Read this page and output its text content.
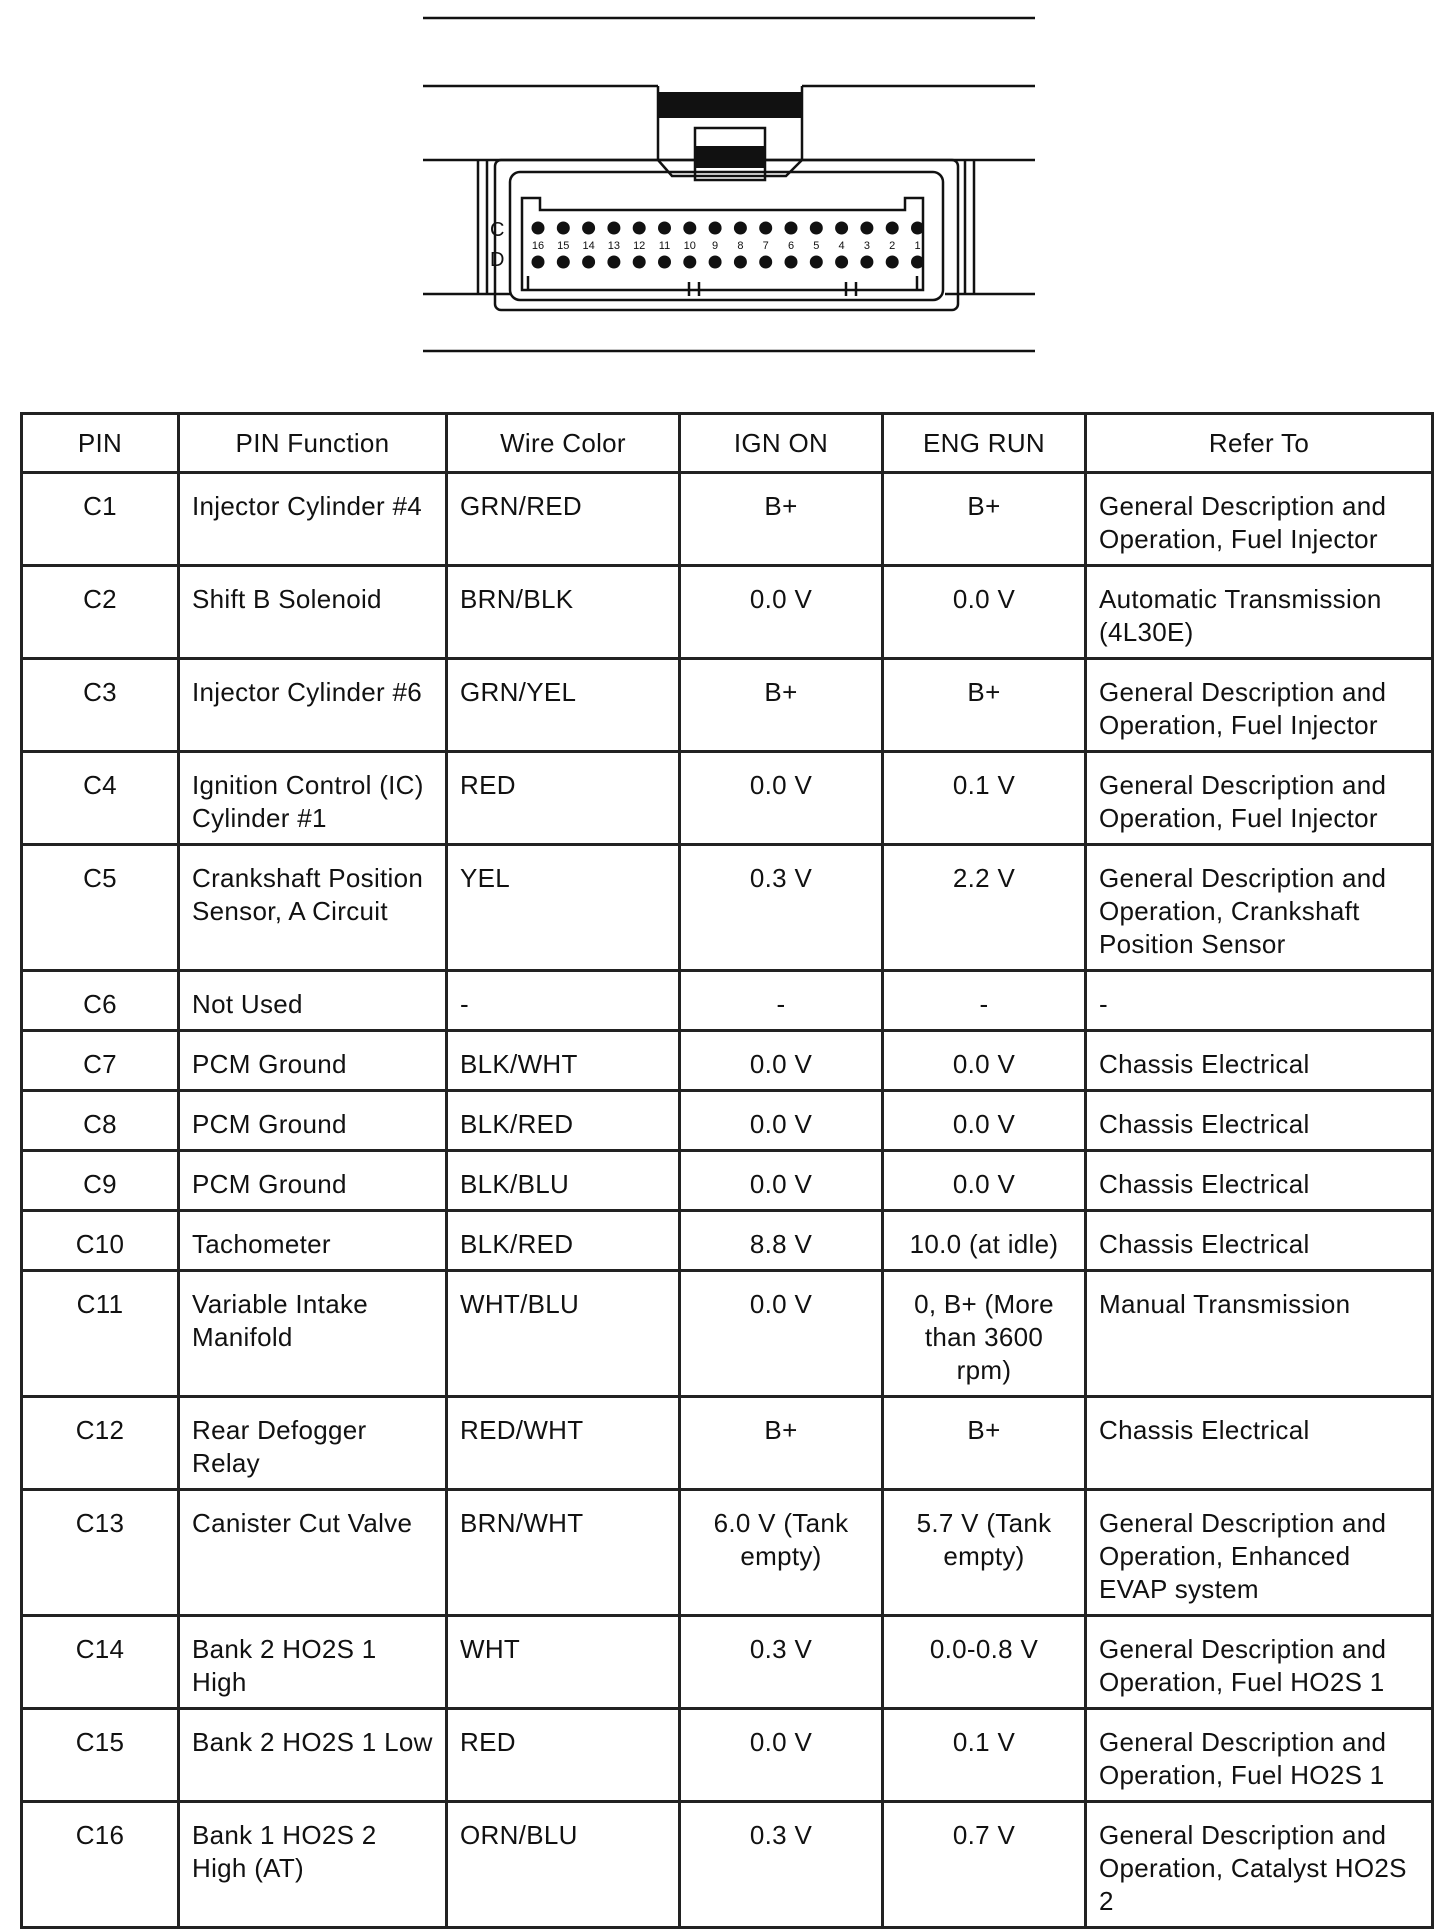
C
D
16 15 14 13 12 11 10 9 8 7 6 5 4 3 2 1
PIN	PIN Function	Wire Color	IGN ON	ENG RUN	Refer To
C1	Injector Cylinder #4	GRN/RED	B+	B+	General Description and Operation, Fuel Injector
C2	Shift B Solenoid	BRN/BLK	0.0 V	0.0 V	Automatic Transmission (4L30E)
C3	Injector Cylinder #6	GRN/YEL	B+	B+	General Description and Operation, Fuel Injector
C4	Ignition Control (IC) Cylinder #1	RED	0.0 V	0.1 V	General Description and Operation, Fuel Injector
C5	Crankshaft Position Sensor, A Circuit	YEL	0.3 V	2.2 V	General Description and Operation, Crankshaft Position Sensor
C6	Not Used	-	-	-	-
C7	PCM Ground	BLK/WHT	0.0 V	0.0 V	Chassis Electrical
C8	PCM Ground	BLK/RED	0.0 V	0.0 V	Chassis Electrical
C9	PCM Ground	BLK/BLU	0.0 V	0.0 V	Chassis Electrical
C10	Tachometer	BLK/RED	8.8 V	10.0 (at idle)	Chassis Electrical
C11	Variable Intake Manifold	WHT/BLU	0.0 V	0, B+ (More than 3600 rpm)	Manual Transmission
C12	Rear Defogger Relay	RED/WHT	B+	B+	Chassis Electrical
C13	Canister Cut Valve	BRN/WHT	6.0 V (Tank empty)	5.7 V (Tank empty)	General Description and Operation, Enhanced EVAP system
C14	Bank 2 HO2S 1 High	WHT	0.3 V	0.0-0.8 V	General Description and Operation, Fuel HO2S 1
C15	Bank 2 HO2S 1 Low	RED	0.0 V	0.1 V	General Description and Operation, Fuel HO2S 1
C16	Bank 1 HO2S 2 High (AT)	ORN/BLU	0.3 V	0.7 V	General Description and Operation, Catalyst HO2S 2
